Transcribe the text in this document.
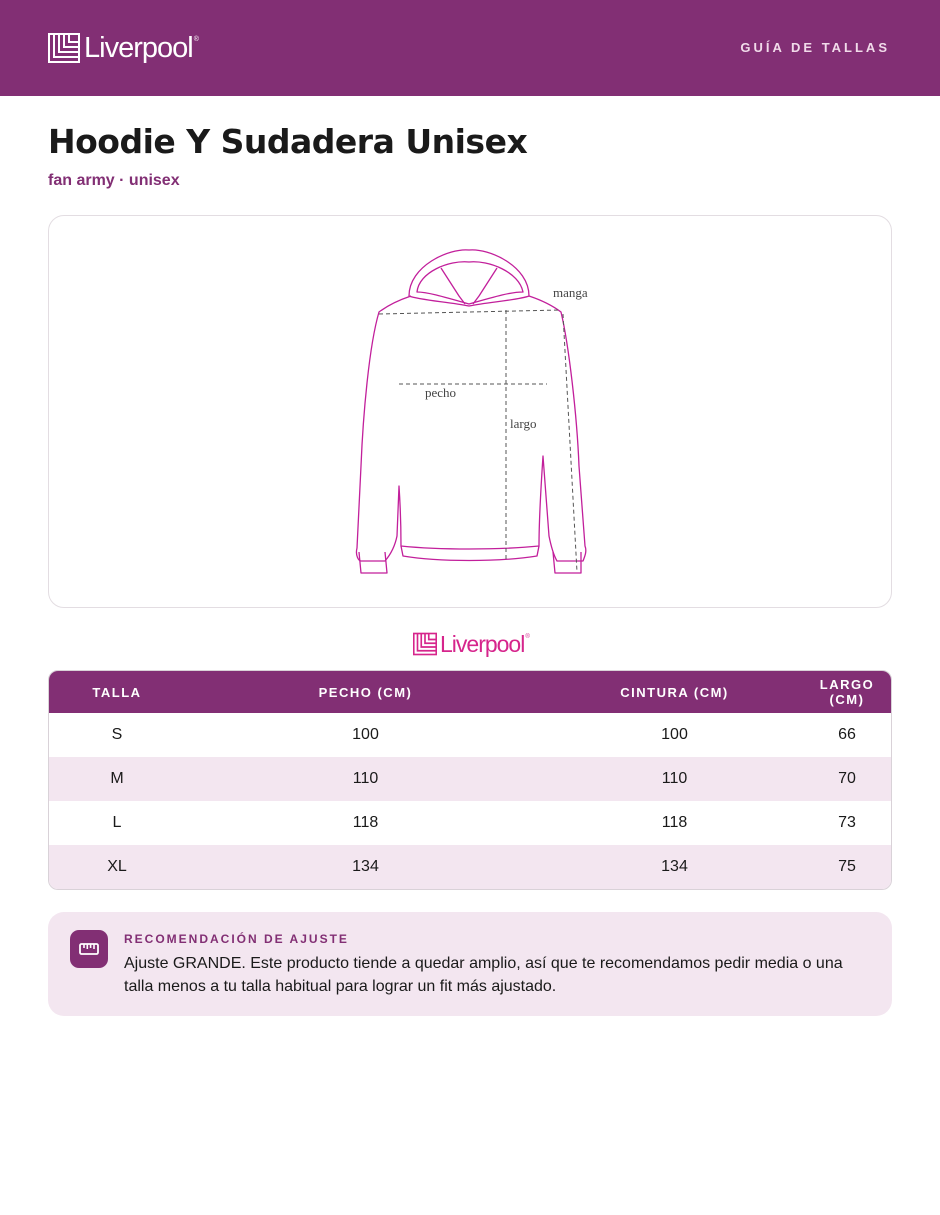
Liverpool ®
GUÍA DE TALLAS
Hoodie Y Sudadera Unisex
fan army · unisex
manga
pecho
largo
Liverpool ®
TALLA	PECHO (CM)	CINTURA (CM)	LARGO (CM)
S	100	100	66
M	110	110	70
L	118	118	73
XL	134	134	75
RECOMENDACIÓN DE AJUSTE
Ajuste GRANDE. Este producto tiende a quedar amplio, así que te recomendamos pedir media o una talla menos a tu talla habitual para lograr un fit más ajustado.
